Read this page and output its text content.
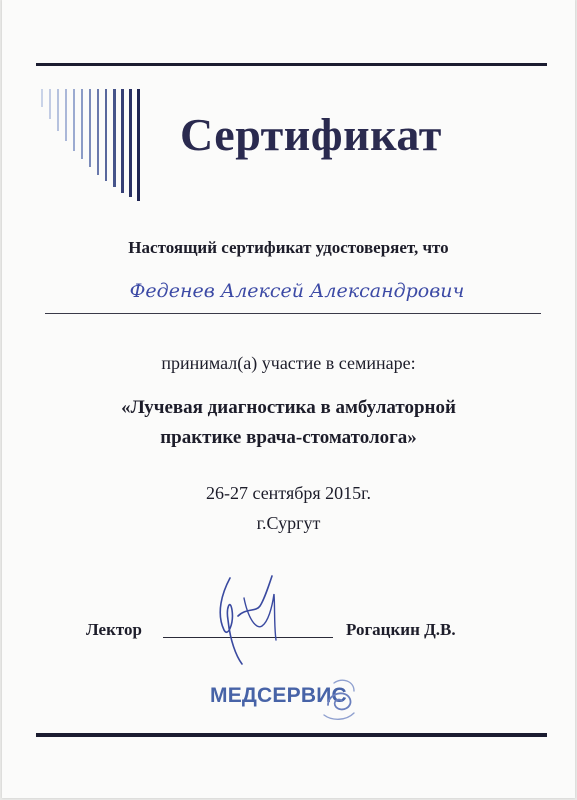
Сертификат
Настоящий сертификат удостоверяет, что
Феденев Алексей Александрович
принимал(а) участие в семинаре:
«Лучевая диагностика в амбулаторной
практике врача-стоматолога»
26-27 сентября 2015г.
г.Сургут
Лектор	Рогацкин Д.В.
МЕДСЕРВИС
